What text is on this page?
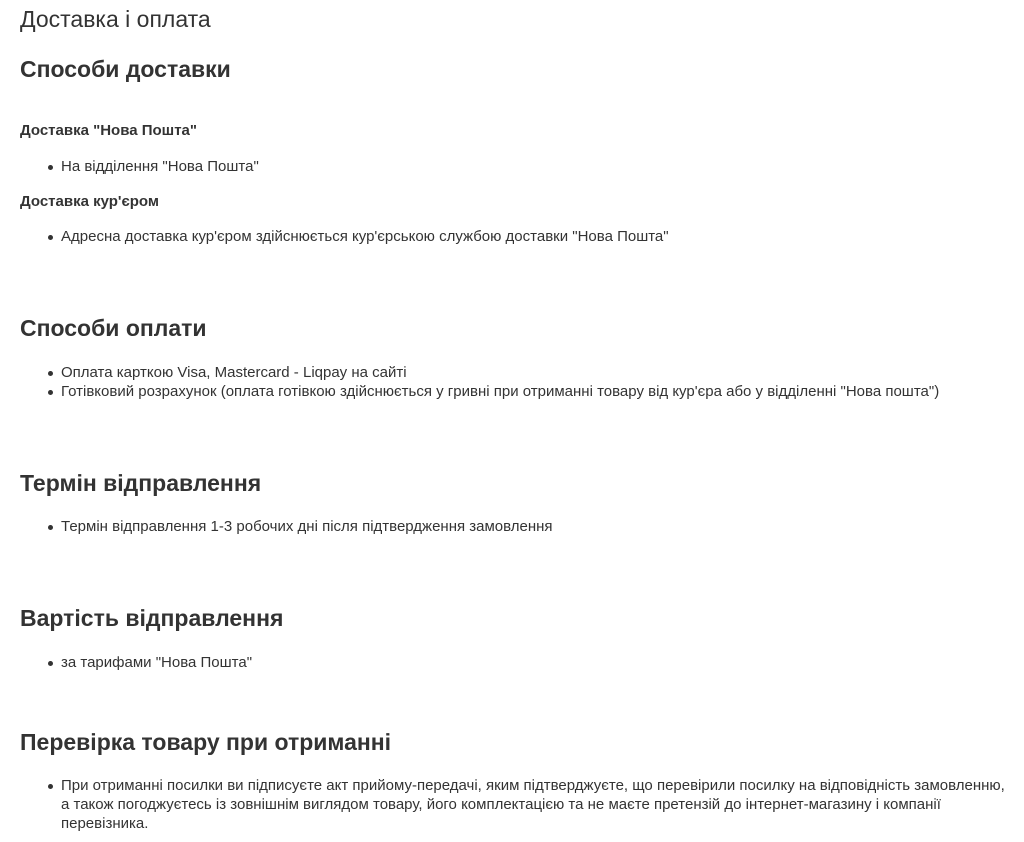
Доставка і оплата
Способи доставки
Доставка "Нова Пошта"
На відділення "Нова Пошта"
Доставка кур'єром
Адресна доставка кур'єром здійснюється кур'єрською службою доставки "Нова Пошта"
Способи оплати
Оплата карткою Visa, Mastercard - Liqpay на сайті
Готівковий розрахунок (оплата готівкою здійснюється у гривні при отриманні товару від кур'єра або у відділенні "Нова пошта")
Термін відправлення
Термін відправлення 1-3 робочих дні після підтвердження замовлення
Вартість відправлення
за тарифами "Нова Пошта"
Перевірка товару при отриманні
При отриманні посилки ви підписуєте акт прийому-передачі, яким підтверджуєте, що перевірили посилку на відповідність замовленню, а також погоджуєтесь із зовнішнім виглядом товару, його комплектацією та не маєте претензій до інтернет-магазину і компанії перевізника.
